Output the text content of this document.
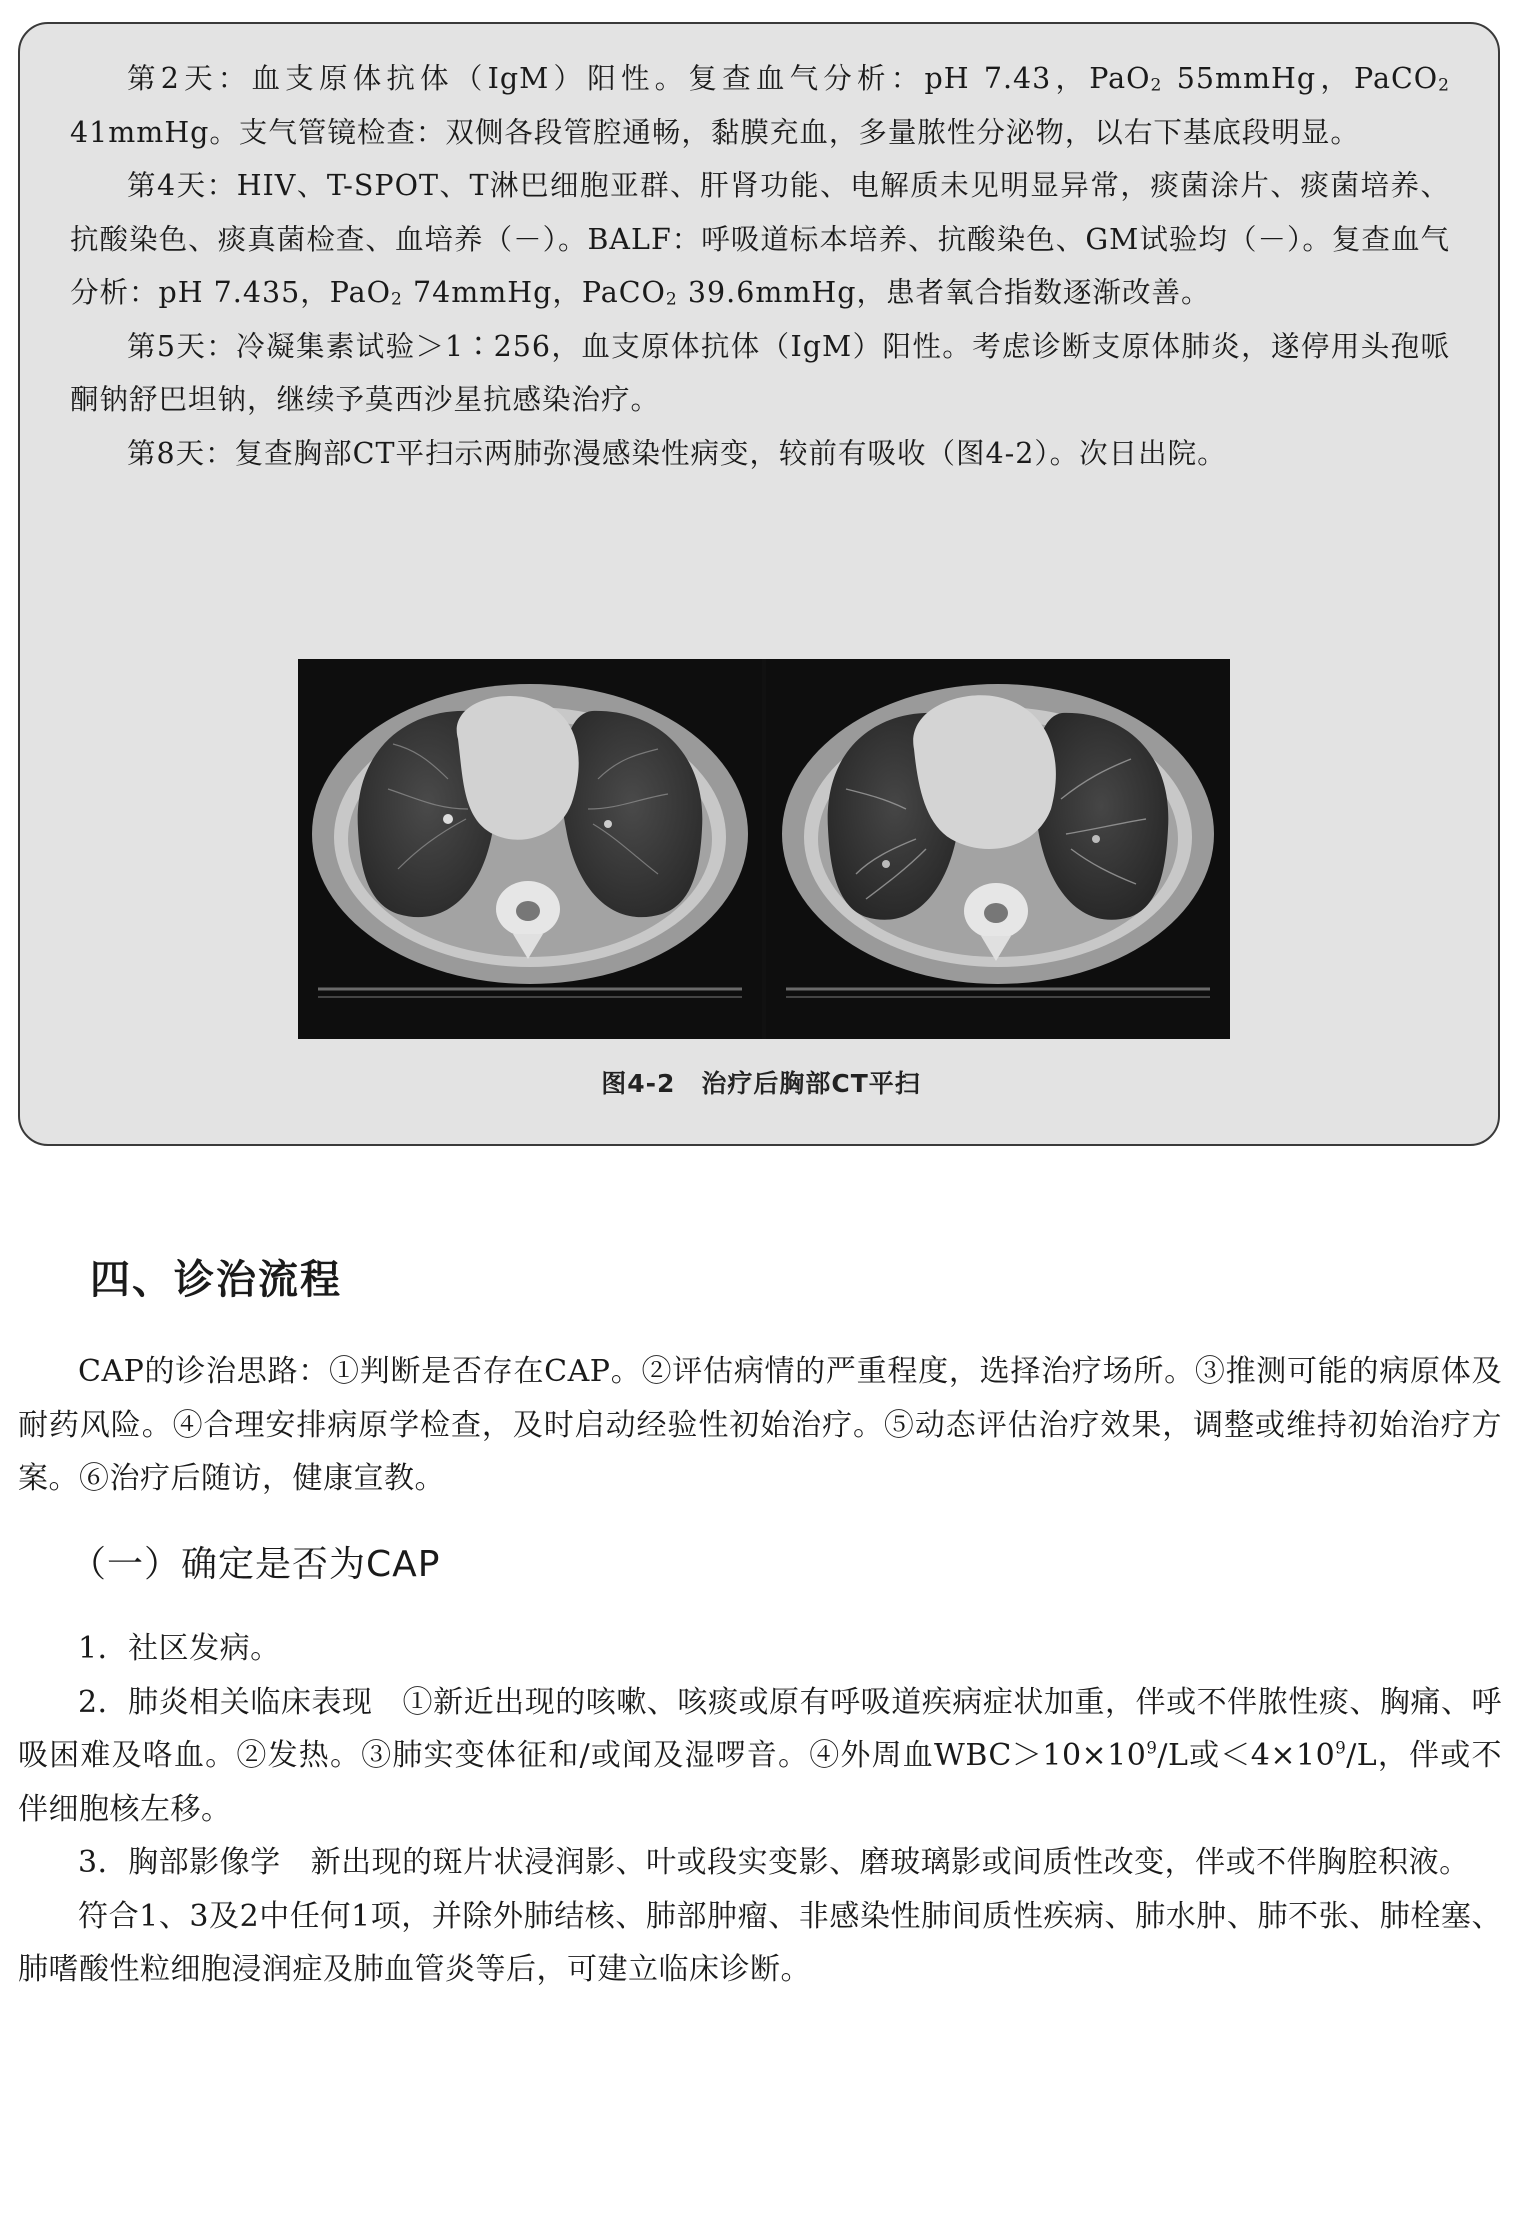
第2天：血支原体抗体（IgM）阳性。复查血气分析：pH 7.43，PaO$_2$ 55mmHg，PaCO$_2$ 41mmHg。支气管镜检查：双侧各段管腔通畅，黏膜充血，多量脓性分泌物，以右下基底段明显。

第4天：HIV、T-SPOT、T淋巴细胞亚群、肝肾功能、电解质未见明显异常，痰菌涂片、痰菌培养、抗酸染色、痰真菌检查、血培养（－）。BALF：呼吸道标本培养、抗酸染色、GM试验均（－）。复查血气分析：pH 7.435，PaO$_2$ 74mmHg，PaCO$_2$ 39.6mmHg，患者氧合指数逐渐改善。

第5天：冷凝集素试验＞1∶256，血支原体抗体（IgM）阳性。考虑诊断支原体肺炎，遂停用头孢哌酮钠舒巴坦钠，继续予莫西沙星抗感染治疗。

第8天：复查胸部CT平扫示两肺弥漫感染性病变，较前有吸收（图4-2）。次日出院。

图4-2 治疗后胸部CT平扫
四、诊治流程

CAP的诊治思路：①判断是否存在CAP。②评估病情的严重程度，选择治疗场所。③推测可能的病原体及耐药风险。④合理安排病原学检查，及时启动经验性初始治疗。⑤动态评估治疗效果，调整或维持初始治疗方案。⑥治疗后随访，健康宣教。

（一）确定是否为CAP

1．社区发病。

2．肺炎相关临床表现 ①新近出现的咳嗽、咳痰或原有呼吸道疾病症状加重，伴或不伴脓性痰、胸痛、呼吸困难及咯血。②发热。③肺实变体征和/或闻及湿啰音。④外周血$WBC>10\times 10^9/L$或$<4\times 10^9/L$，伴或不伴细胞核左移。

3．胸部影像学 新出现的斑片状浸润影、叶或段实变影、磨玻璃影或间质性改变，伴或不伴胸腔积液。

符合1、3及2中任何1项，并除外肺结核、肺部肿瘤、非感染性肺间质性疾病、肺水肿、肺不张、肺栓塞、肺嗜酸性粒细胞浸润症及肺血管炎等后，可建立临床诊断。
